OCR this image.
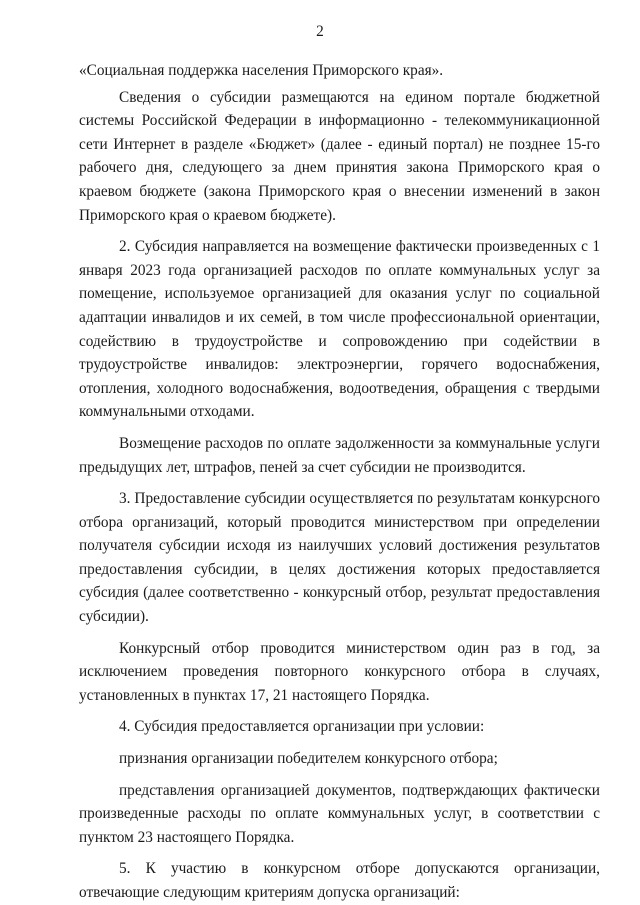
2

«Социальная поддержка населения Приморского края».

Сведения о субсидии размещаются на едином портале бюджетной системы Российской Федерации в информационно - телекоммуникационной сети Интернет в разделе «Бюджет» (далее - единый портал) не позднее 15-го рабочего дня, следующего за днем принятия закона Приморского края о краевом бюджете (закона Приморского края о внесении изменений в закон Приморского края о краевом бюджете).

2. Субсидия направляется на возмещение фактически произведенных с 1 января 2023 года организацией расходов по оплате коммунальных услуг за помещение, используемое организацией для оказания услуг по социальной адаптации инвалидов и их семей, в том числе профессиональной ориентации, содействию в трудоустройстве и сопровождению при содействии в трудоустройстве инвалидов: электроэнергии, горячего водоснабжения, отопления, холодного водоснабжения, водоотведения, обращения с твердыми коммунальными отходами.

Возмещение расходов по оплате задолженности за коммунальные услуги предыдущих лет, штрафов, пеней за счет субсидии не производится.

3. Предоставление субсидии осуществляется по результатам конкурсного отбора организаций, который проводится министерством при определении получателя субсидии исходя из наилучших условий достижения результатов предоставления субсидии, в целях достижения которых предоставляется субсидия (далее соответственно - конкурсный отбор, результат предоставления субсидии).

Конкурсный отбор проводится министерством один раз в год, за исключением проведения повторного конкурсного отбора в случаях, установленных в пунктах 17, 21 настоящего Порядка.

4. Субсидия предоставляется организации при условии:

признания организации победителем конкурсного отбора;

представления организацией документов, подтверждающих фактически произведенные расходы по оплате коммунальных услуг, в соответствии с пунктом 23 настоящего Порядка.

5. К участию в конкурсном отборе допускаются организации, отвечающие следующим критериям допуска организаций:
